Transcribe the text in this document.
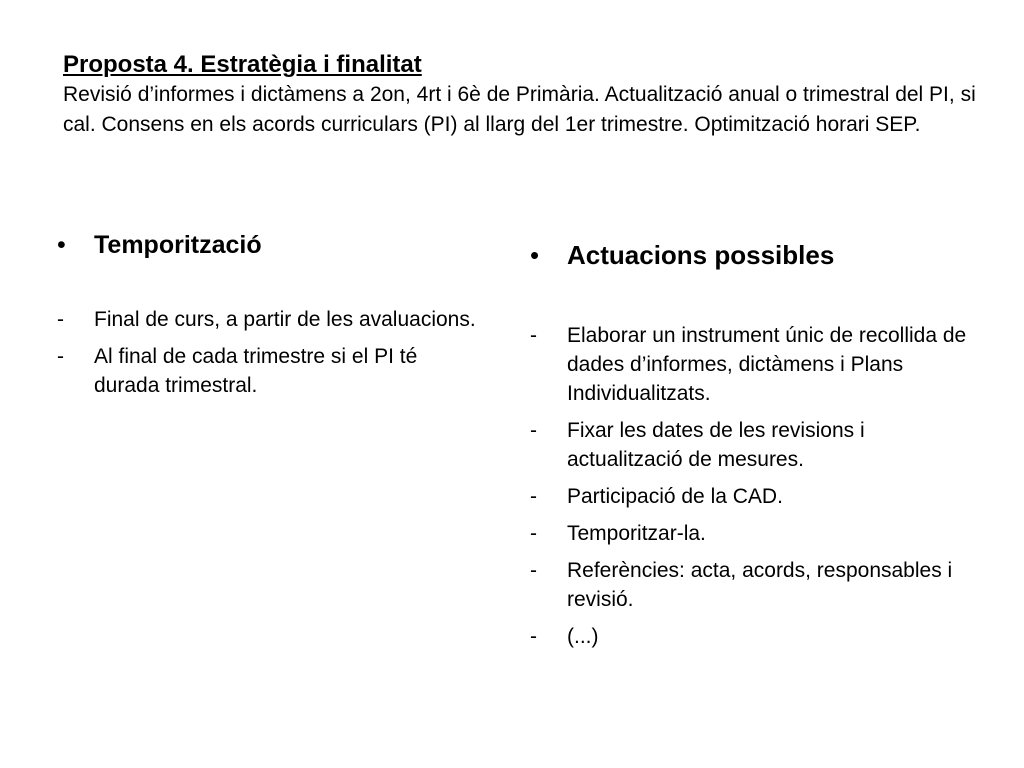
Proposta 4. Estratègia i finalitat
Revisió d’informes i dictàmens a 2on, 4rt i 6è de Primària. Actualització anual o trimestral del PI, si cal. Consens en els acords curriculars (PI) al llarg del 1er trimestre. Optimització horari SEP.
•	Temporització
-	Final de curs, a partir de les avaluacions.
-	Al final de cada trimestre si el PI té durada trimestral.
•	Actuacions possibles
-	Elaborar un instrument únic de recollida de dades d’informes, dictàmens i Plans Individualitzats.
-	Fixar les dates de les revisions i actualització de mesures.
-	Participació de la CAD.
-	Temporitzar-la.
-	Referències: acta, acords, responsables i revisió.
-	(...)
